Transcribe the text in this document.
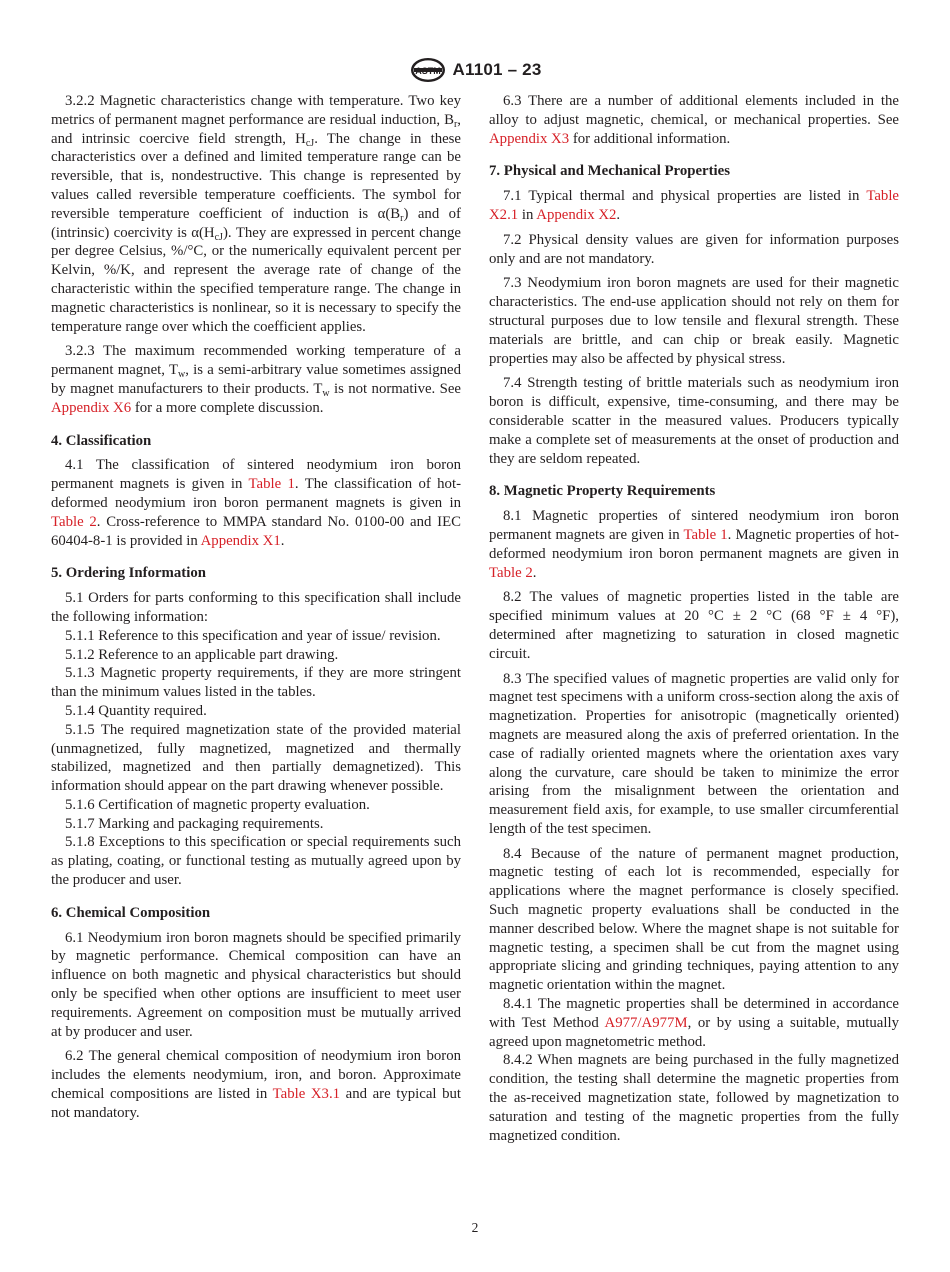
ASTM A1101 – 23

3.2.2 Magnetic characteristics change with temperature. Two key metrics of permanent magnet performance are residual induction, $B_r$, and intrinsic coercive field strength, $H_{cJ}$. The change in these characteristics over a defined and limited temperature range can be reversible, that is, nondestructive. This change is represented by values called reversible temperature coefficients. The symbol for reversible temperature coefficient of induction is $\alpha(B_r)$ and of (intrinsic) coercivity is $\alpha(H_{cJ})$. They are expressed in percent change per degree Celsius, %/°C, or the numerically equivalent percent per Kelvin, %/K, and represent the average rate of change of the characteristic within the specified temperature range. The change in magnetic characteristics is nonlinear, so it is necessary to specify the temperature range over which the coefficient applies.

3.2.3 The maximum recommended working temperature of a permanent magnet, $T_w$, is a semi-arbitrary value sometimes assigned by magnet manufacturers to their products. $T_w$ is not normative. See Appendix X6 for a more complete discussion.

4. Classification

4.1 The classification of sintered neodymium iron boron permanent magnets is given in Table 1. The classification of hot-deformed neodymium iron boron permanent magnets is given in Table 2. Cross-reference to MMPA standard No. 0100-00 and IEC 60404-8-1 is provided in Appendix X1.

5. Ordering Information

5.1 Orders for parts conforming to this specification shall include the following information:

5.1.1 Reference to this specification and year of issue/ revision.

5.1.2 Reference to an applicable part drawing.

5.1.3 Magnetic property requirements, if they are more stringent than the minimum values listed in the tables.

5.1.4 Quantity required.

5.1.5 The required magnetization state of the provided material (unmagnetized, fully magnetized, magnetized and thermally stabilized, magnetized and then partially demagnetized). This information should appear on the part drawing whenever possible.

5.1.6 Certification of magnetic property evaluation.

5.1.7 Marking and packaging requirements.

5.1.8 Exceptions to this specification or special requirements such as plating, coating, or functional testing as mutually agreed upon by the producer and user.

6. Chemical Composition

6.1 Neodymium iron boron magnets should be specified primarily by magnetic performance. Chemical composition can have an influence on both magnetic and physical characteristics but should only be specified when other options are insufficient to meet user requirements. Agreement on composition must be mutually arrived at by producer and user.

6.2 The general chemical composition of neodymium iron boron includes the elements neodymium, iron, and boron. Approximate chemical compositions are listed in Table X3.1 and are typical but not mandatory.

6.3 There are a number of additional elements included in the alloy to adjust magnetic, chemical, or mechanical properties. See Appendix X3 for additional information.

7. Physical and Mechanical Properties

7.1 Typical thermal and physical properties are listed in Table X2.1 in Appendix X2.

7.2 Physical density values are given for information purposes only and are not mandatory.

7.3 Neodymium iron boron magnets are used for their magnetic characteristics. The end-use application should not rely on them for structural purposes due to low tensile and flexural strength. These materials are brittle, and can chip or break easily. Magnetic properties may also be affected by physical stress.

7.4 Strength testing of brittle materials such as neodymium iron boron is difficult, expensive, time-consuming, and there may be considerable scatter in the measured values. Producers typically make a complete set of measurements at the onset of production and they are seldom repeated.

8. Magnetic Property Requirements

8.1 Magnetic properties of sintered neodymium iron boron permanent magnets are given in Table 1. Magnetic properties of hot-deformed neodymium iron boron permanent magnets are given in Table 2.

8.2 The values of magnetic properties listed in the table are specified minimum values at 20 °C ± 2 °C (68 °F ± 4 °F), determined after magnetizing to saturation in closed magnetic circuit.

8.3 The specified values of magnetic properties are valid only for magnet test specimens with a uniform cross-section along the axis of magnetization. Properties for anisotropic (magnetically oriented) magnets are measured along the axis of preferred orientation. In the case of radially oriented magnets where the orientation axes vary along the curvature, care should be taken to minimize the error arising from the misalignment between the orientation and measurement field axis, for example, to use smaller circumferential length of the test specimen.

8.4 Because of the nature of permanent magnet production, magnetic testing of each lot is recommended, especially for applications where the magnet performance is closely specified. Such magnetic property evaluations shall be conducted in the manner described below. Where the magnet shape is not suitable for magnetic testing, a specimen shall be cut from the magnet using appropriate slicing and grinding techniques, paying attention to any magnetic orientation within the magnet.

8.4.1 The magnetic properties shall be determined in accordance with Test Method A977/A977M, or by using a suitable, mutually agreed upon magnetometric method.

8.4.2 When magnets are being purchased in the fully magnetized condition, the testing shall determine the magnetic properties from the as-received magnetization state, followed by magnetization to saturation and testing of the magnetic properties from the fully magnetized condition.

2
